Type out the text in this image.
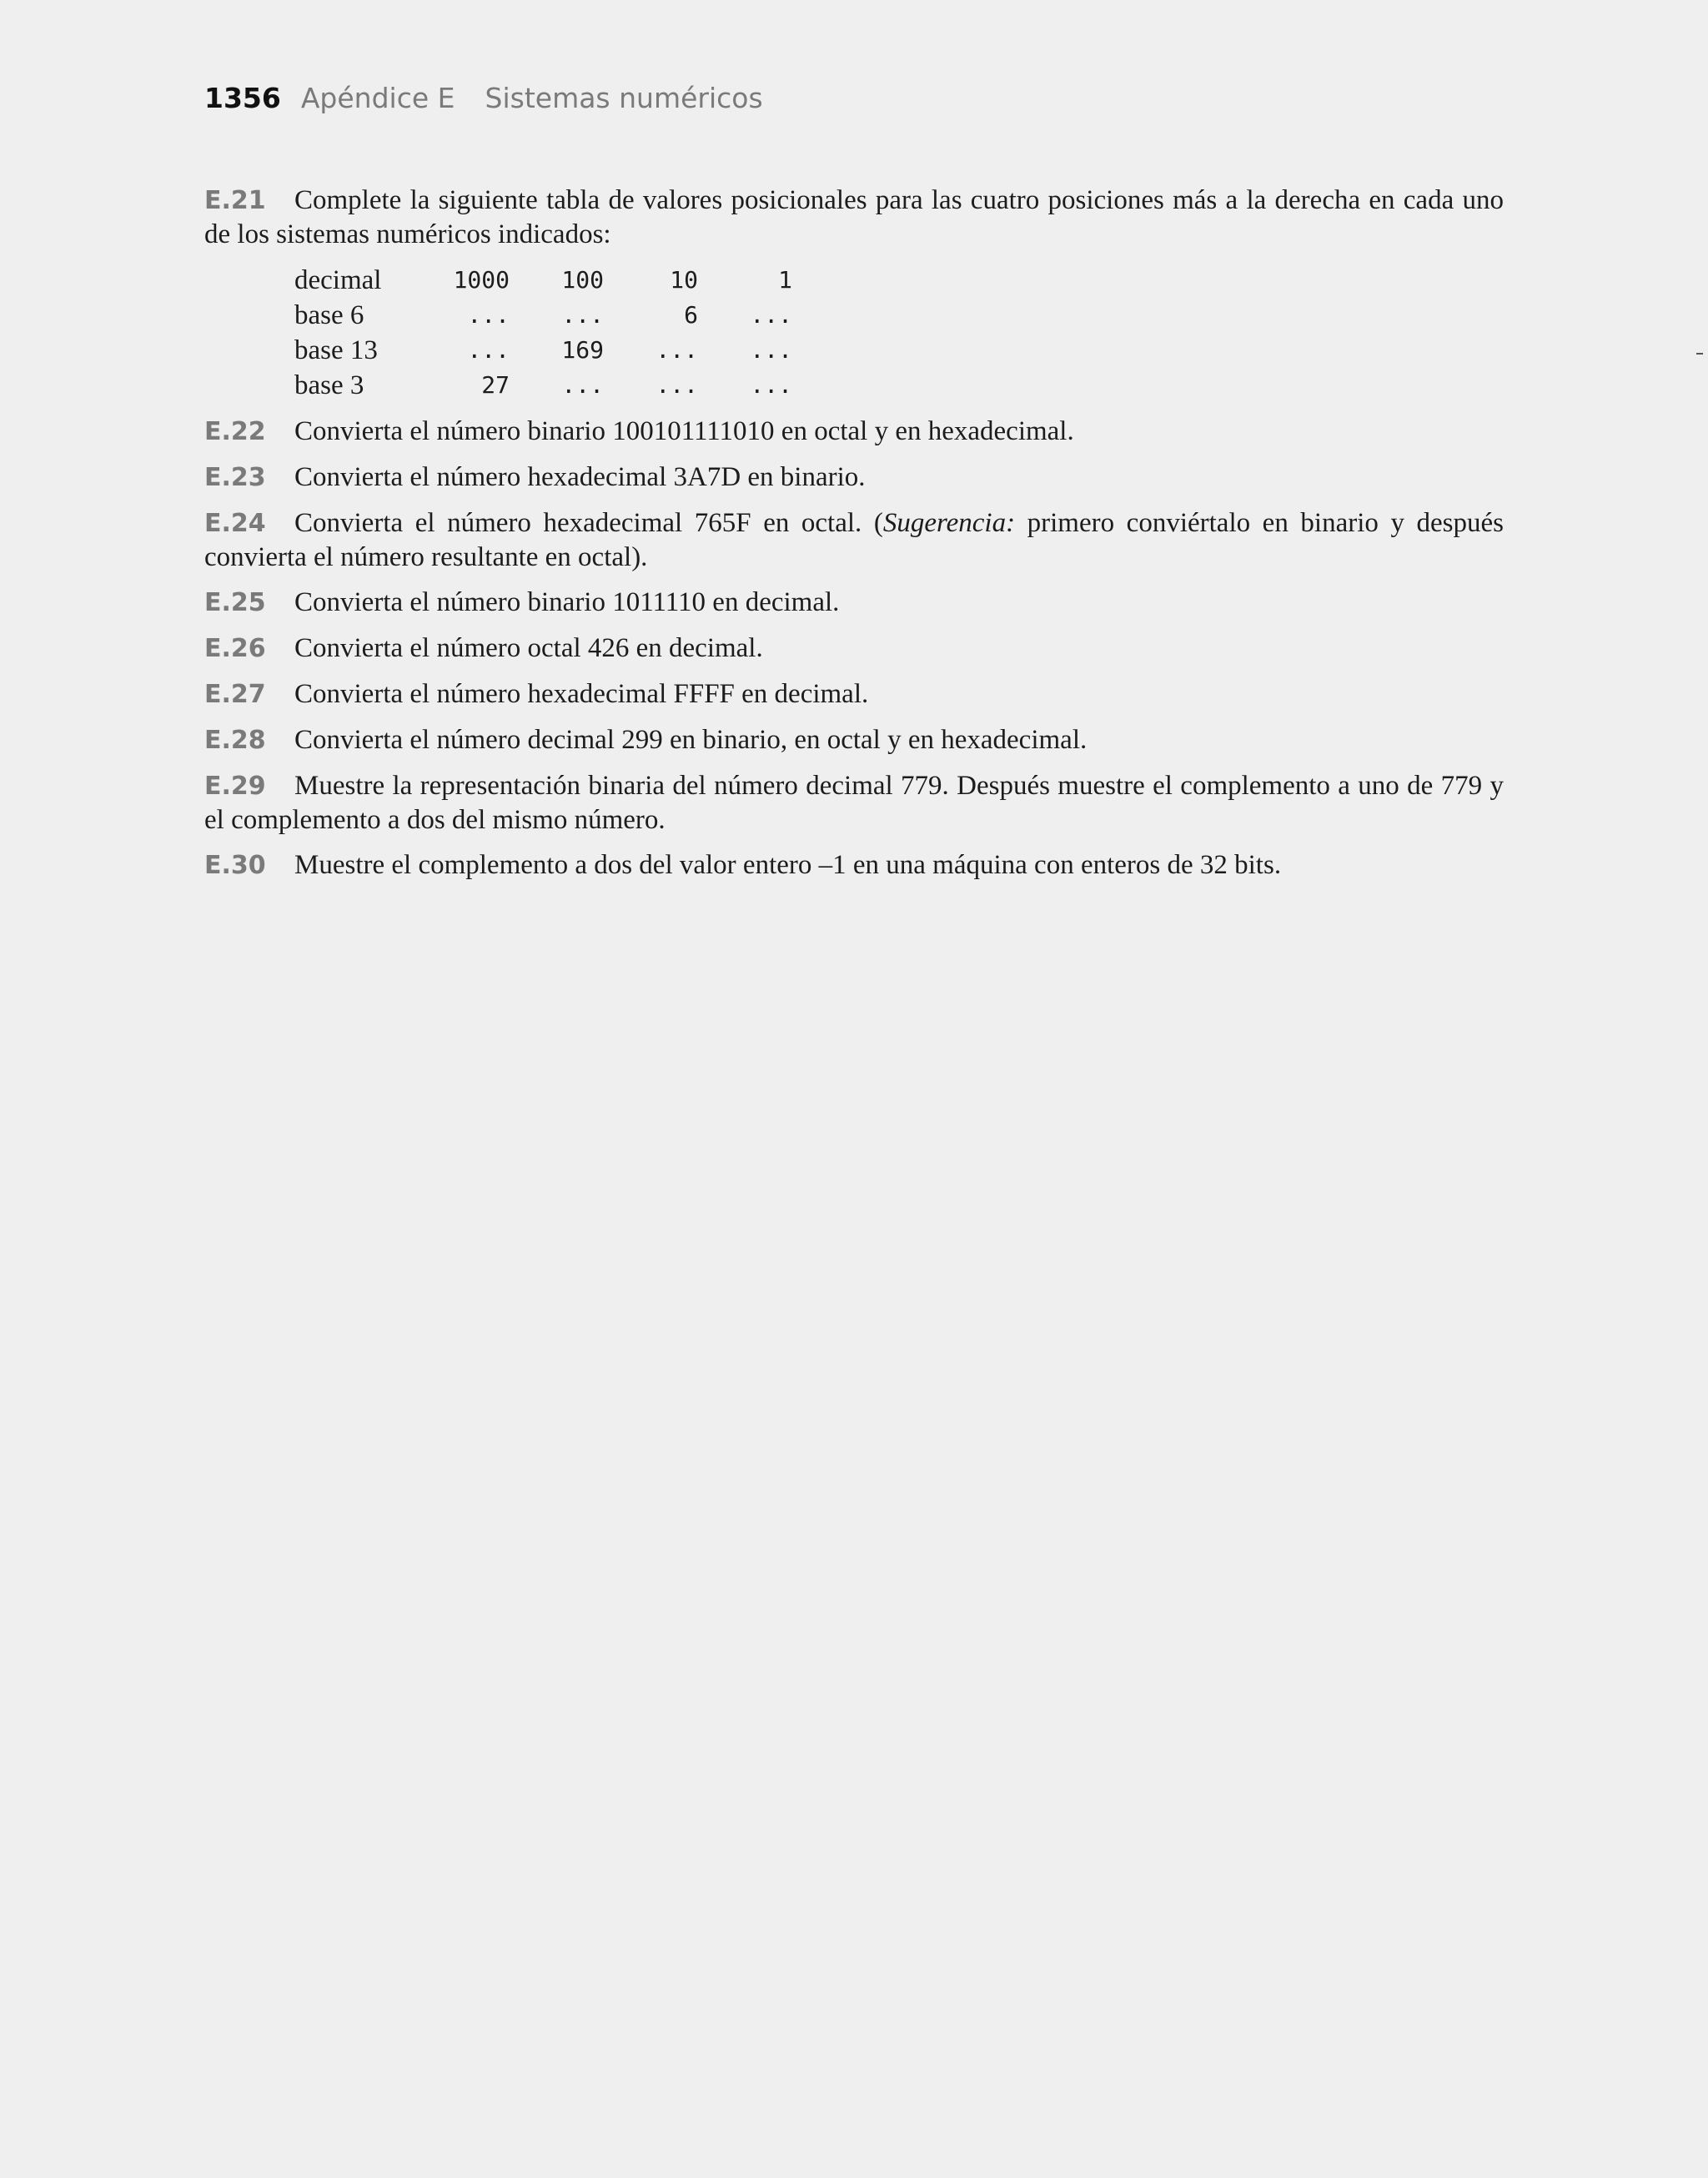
1356 Apéndice E Sistemas numéricos

E.21 Complete la siguiente tabla de valores posicionales para las cuatro posiciones más a la derecha en cada uno de los sistemas numéricos indicados:

decimal	1000	100	10	1
base 6	...	...	6	...
base 13	...	169	...	...
base 3	27	...	...	...

E.22 Convierta el número binario 100101111010 en octal y en hexadecimal.

E.23 Convierta el número hexadecimal 3A7D en binario.

E.24 Convierta el número hexadecimal 765F en octal. (Sugerencia: primero conviértalo en binario y después convierta el número resultante en octal).

E.25 Convierta el número binario 1011110 en decimal.

E.26 Convierta el número octal 426 en decimal.

E.27 Convierta el número hexadecimal FFFF en decimal.

E.28 Convierta el número decimal 299 en binario, en octal y en hexadecimal.

E.29 Muestre la representación binaria del número decimal 779. Después muestre el complemento a uno de 779 y el complemento a dos del mismo número.

E.30 Muestre el complemento a dos del valor entero –1 en una máquina con enteros de 32 bits.
